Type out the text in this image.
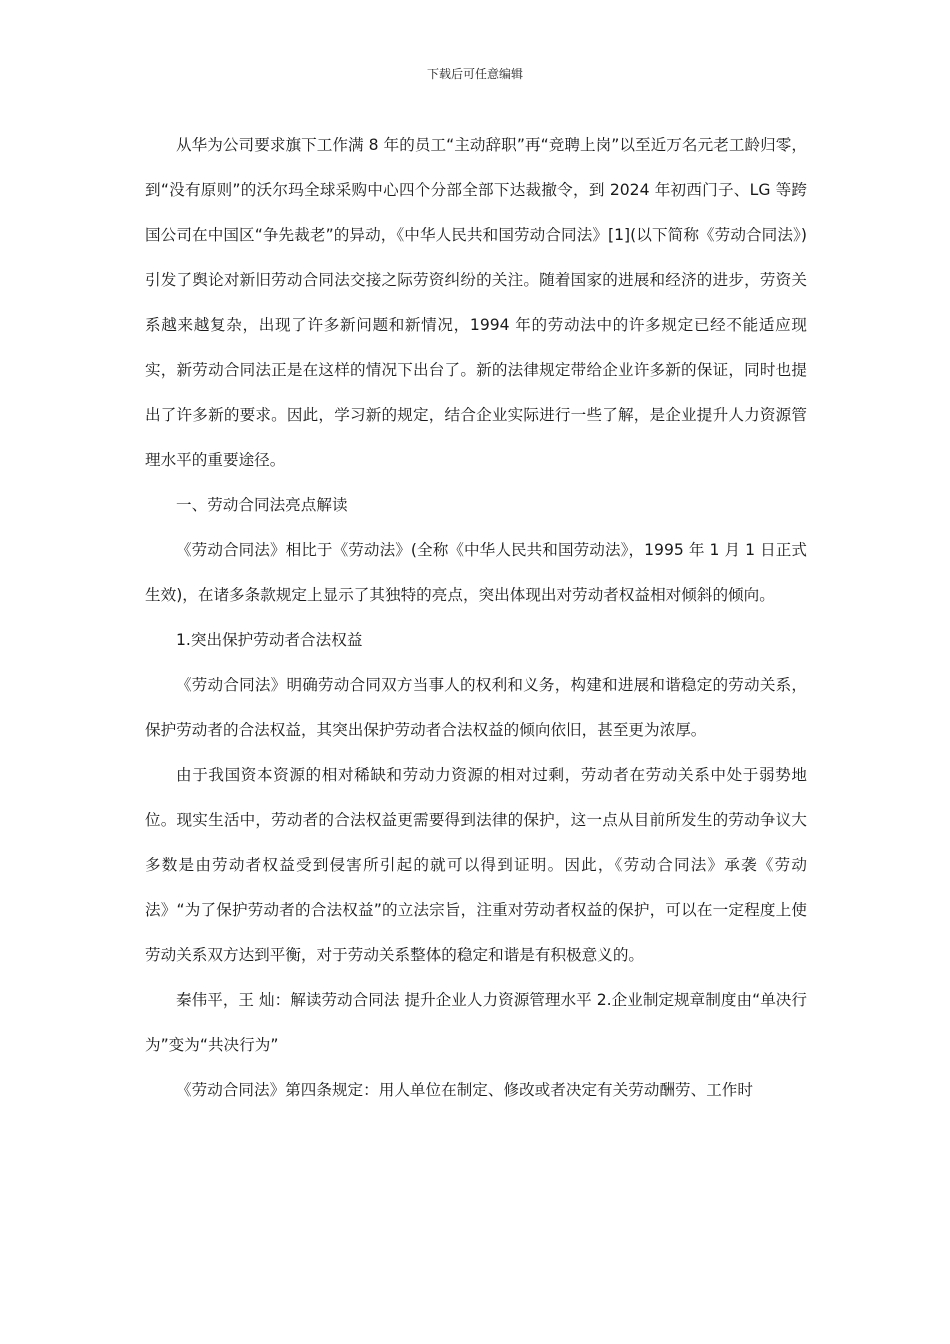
下载后可任意编辑

从华为公司要求旗下工作满 8 年的员工“主动辞职”再“竞聘上岗”以至近万名元老工龄归零，到“没有原则”的沃尔玛全球采购中心四个分部全部下达裁撤令，到 2024 年初西门子、LG 等跨国公司在中国区“争先裁老”的异动，《中华人民共和国劳动合同法》[1](以下简称《劳动合同法》)引发了舆论对新旧劳动合同法交接之际劳资纠纷的关注。随着国家的进展和经济的进步，劳资关系越来越复杂，出现了许多新问题和新情况，1994 年的劳动法中的许多规定已经不能适应现实，新劳动合同法正是在这样的情况下出台了。新的法律规定带给企业许多新的保证，同时也提出了许多新的要求。因此，学习新的规定，结合企业实际进行一些了解，是企业提升人力资源管理水平的重要途径。

一、劳动合同法亮点解读

《劳动合同法》相比于《劳动法》(全称《中华人民共和国劳动法》，1995 年 1 月 1 日正式生效)，在诸多条款规定上显示了其独特的亮点，突出体现出对劳动者权益相对倾斜的倾向。

1.突出保护劳动者合法权益

《劳动合同法》明确劳动合同双方当事人的权利和义务，构建和进展和谐稳定的劳动关系，保护劳动者的合法权益，其突出保护劳动者合法权益的倾向依旧，甚至更为浓厚。

由于我国资本资源的相对稀缺和劳动力资源的相对过剩，劳动者在劳动关系中处于弱势地位。现实生活中，劳动者的合法权益更需要得到法律的保护，这一点从目前所发生的劳动争议大多数是由劳动者权益受到侵害所引起的就可以得到证明。因此，《劳动合同法》承袭《劳动法》“为了保护劳动者的合法权益”的立法宗旨，注重对劳动者权益的保护，可以在一定程度上使劳动关系双方达到平衡，对于劳动关系整体的稳定和谐是有积极意义的。

秦伟平，王 灿：解读劳动合同法 提升企业人力资源管理水平 2.企业制定规章制度由“单决行为”变为“共决行为”

《劳动合同法》第四条规定：用人单位在制定、修改或者决定有关劳动酬劳、工作时
